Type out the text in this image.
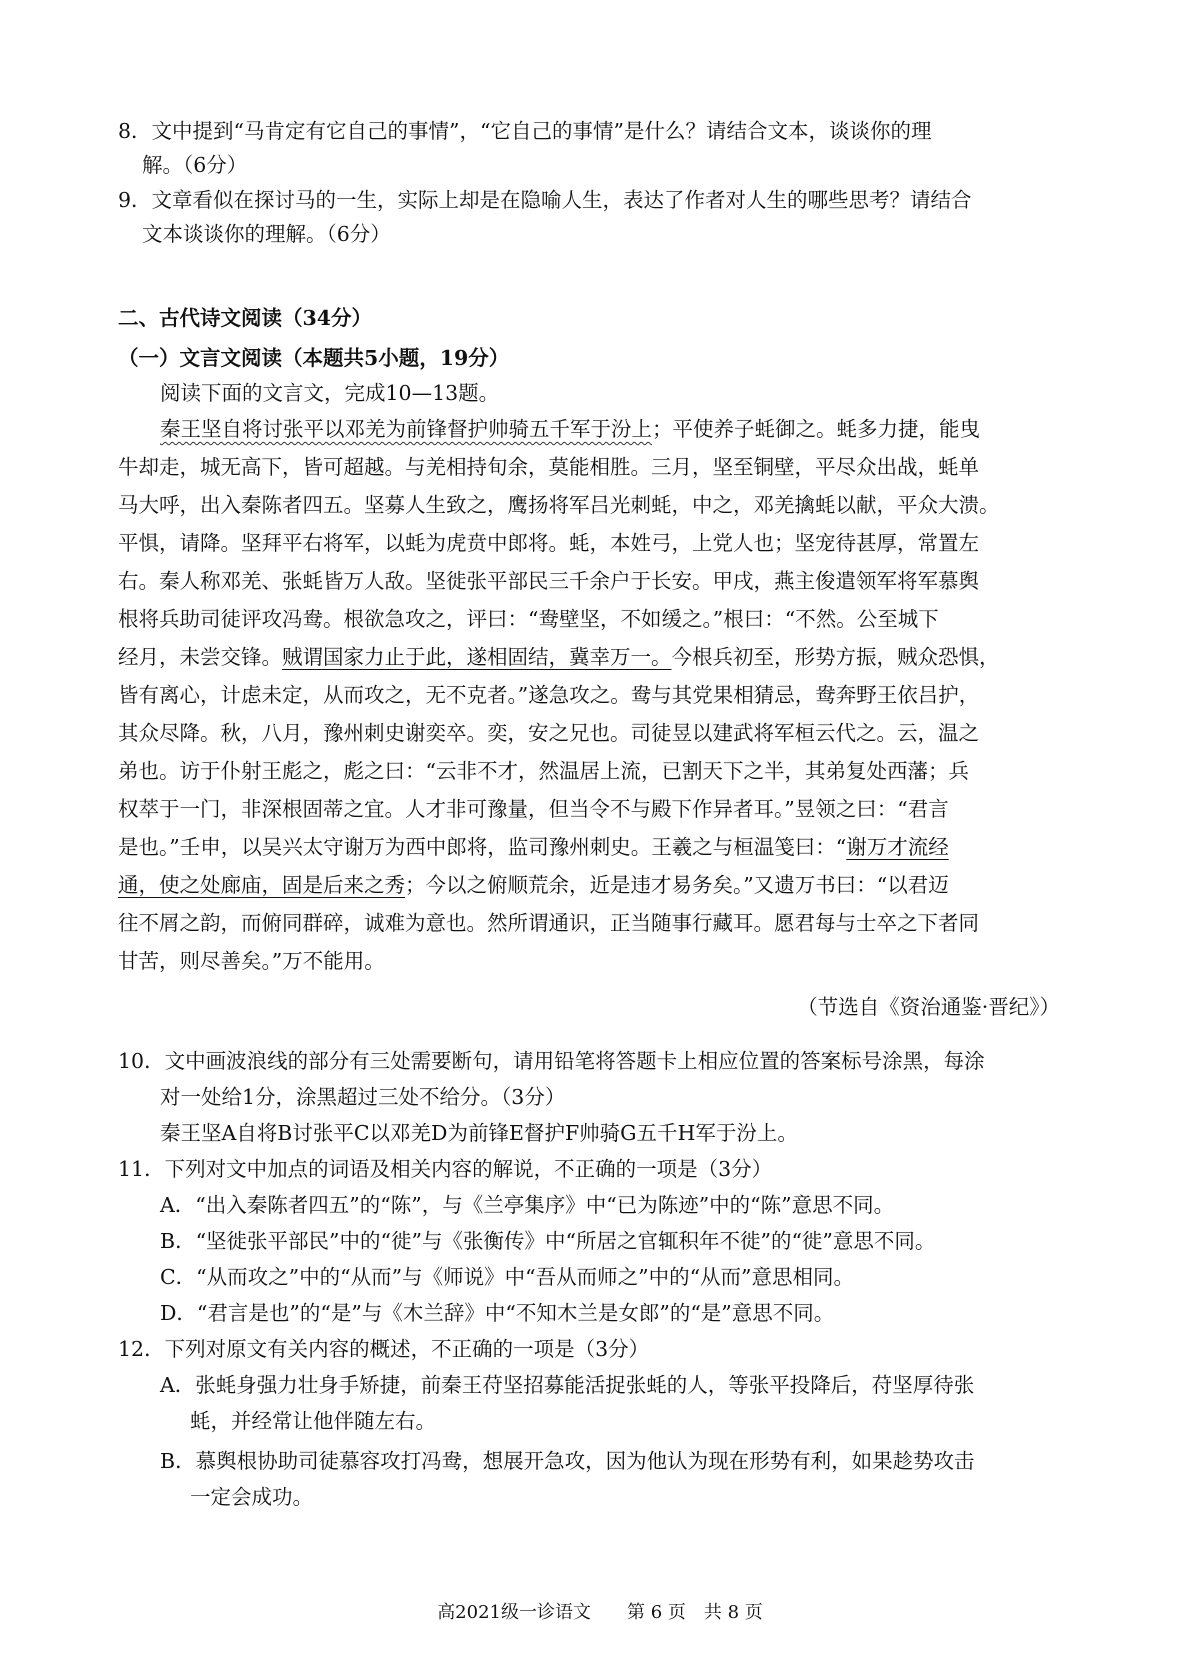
8．文中提到“马肯定有它自己的事情”，“它自己的事情”是什么？请结合文本，谈谈你的理
解。（6分）
9．文章看似在探讨马的一生，实际上却是在隐喻人生，表达了作者对人生的哪些思考？请结合
文本谈谈你的理解。（6分）
二、古代诗文阅读（34分）
（一）文言文阅读（本题共5小题，19分）
阅读下面的文言文，完成10—13题。
秦王坚自将讨张平以邓羌为前锋督护帅骑五千军于汾上；平使养子蚝御之。蚝多力捷，能曳
牛却走，城无高下，皆可超越。与羌相持旬余，莫能相胜。三月，坚至铜壁，平尽众出战，蚝单
马大呼，出入秦陈者四五。坚募人生致之，鹰扬将军吕光刺蚝，中之，邓羌擒蚝以献，平众大溃。
平惧，请降。坚拜平右将军，以蚝为虎贲中郎将。蚝，本姓弓，上党人也；坚宠待甚厚，常置左
右。秦人称邓羌、张蚝皆万人敌。坚徙张平部民三千余户于长安。甲戌，燕主俊遣领军将军慕舆
根将兵助司徒评攻冯鸯。根欲急攻之，评曰：“鸯壁坚，不如缓之。”根曰：“不然。公至城下
经月，未尝交锋。贼谓国家力止于此，遂相固结，冀幸万一。今根兵初至，形势方振，贼众恐惧，
皆有离心，计虑未定，从而攻之，无不克者。”遂急攻之。鸯与其党果相猜忌，鸯奔野王依吕护，
其众尽降。秋，八月，豫州刺史谢奕卒。奕，安之兄也。司徒昱以建武将军桓云代之。云，温之
弟也。访于仆射王彪之，彪之曰：“云非不才，然温居上流，已割天下之半，其弟复处西藩；兵
权萃于一门，非深根固蒂之宜。人才非可豫量，但当令不与殿下作异者耳。”昱领之曰：“君言
是也。”壬申，以吴兴太守谢万为西中郎将，监司豫州刺史。王羲之与桓温笺曰：“谢万才流经
通，使之处廊庙，固是后来之秀；今以之俯顺荒余，近是违才易务矣。”又遗万书曰：“以君迈
往不屑之韵，而俯同群碎，诚难为意也。然所谓通识，正当随事行藏耳。愿君每与士卒之下者同
甘苦，则尽善矣。”万不能用。
（节选自《资治通鉴·晋纪》）
10．文中画波浪线的部分有三处需要断句，请用铅笔将答题卡上相应位置的答案标号涂黑，每涂
对一处给1分，涂黑超过三处不给分。（3分）
秦王坚A自将B讨张平C以邓羌D为前锋E督护F帅骑G五千H军于汾上。
11．下列对文中加点的词语及相关内容的解说，不正确的一项是（3分）
A．“出入秦陈者四五”的“陈”，与《兰亭集序》中“已为陈迹”中的“陈”意思不同。
B．“坚徙张平部民”中的“徙”与《张衡传》中“所居之官辄积年不徙”的“徙”意思不同。
C．“从而攻之”中的“从而”与《师说》中“吾从而师之”中的“从而”意思相同。
D．“君言是也”的“是”与《木兰辞》中“不知木兰是女郎”的“是”意思不同。
12．下列对原文有关内容的概述，不正确的一项是（3分）
A．张蚝身强力壮身手矫捷，前秦王苻坚招募能活捉张蚝的人，等张平投降后，苻坚厚待张
蚝，并经常让他伴随左右。
B．慕舆根协助司徒慕容攻打冯鸯，想展开急攻，因为他认为现在形势有利，如果趁势攻击
一定会成功。
高2021级一诊语文　　第 6 页　共 8 页
